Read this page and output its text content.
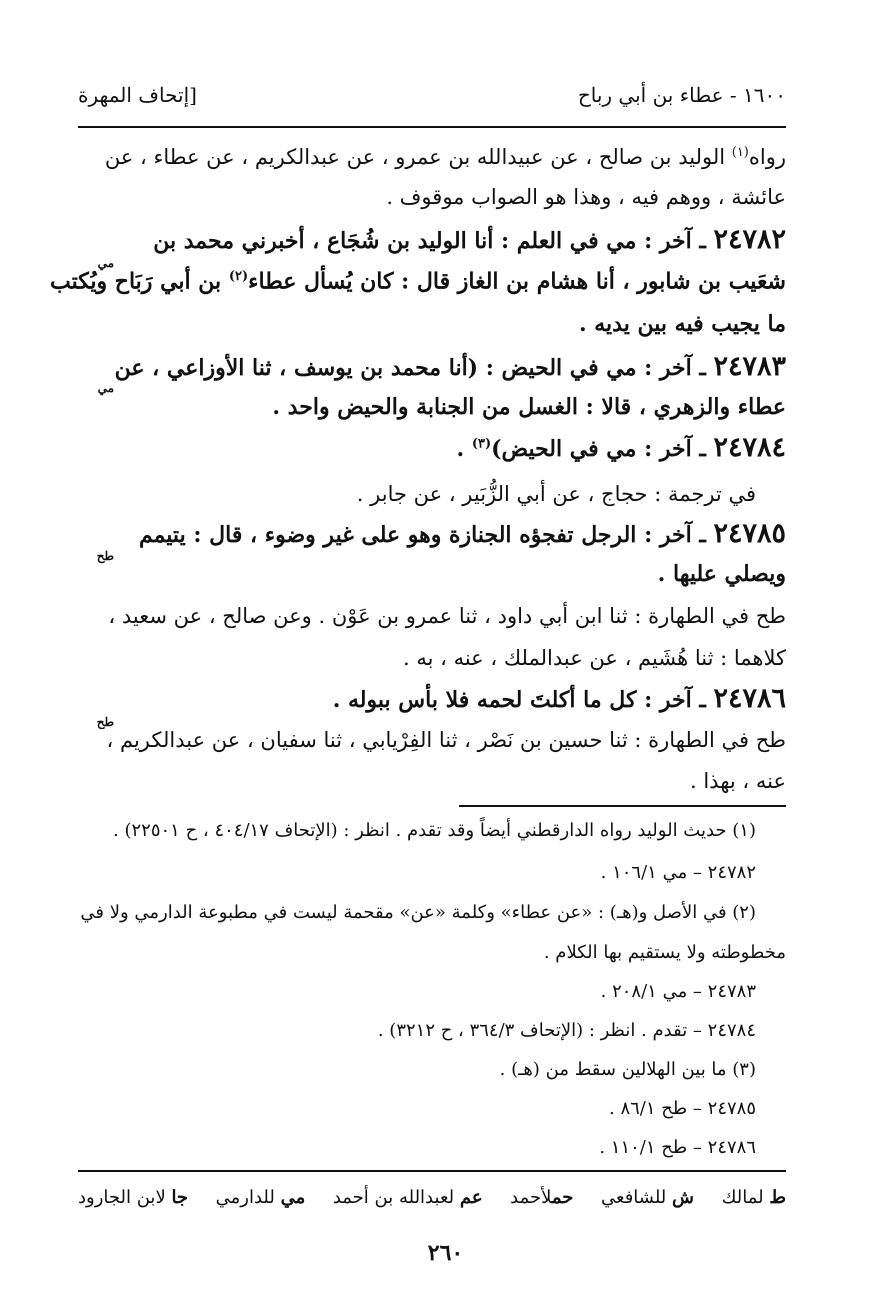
١٦٠٠ - عطاء بن أبي رباح
[إتحاف المهرة
رواه$^{(١)}$ الوليد بن صالح ، عن عبيدالله بن عمرو ، عن عبدالكريم ، عن عطاء ، عن
عائشة ، ووهم فيه ، وهذا هو الصواب موقوف .
٢٤٧٨٢ ـ آخر : مي في العلم : أنا الوليد بن شُجَاع ، أخبرني محمد بن
مي
شعَيب بن شابور ، أنا هشام بن الغاز قال : كان يُسأل عطاء$^{(٢)}$ بن أبي رَبَاح ويُكتب
ما يجيب فيه بين يديه .
٢٤٧٨٣ ـ آخر : مي في الحيض : (أنا محمد بن يوسف ، ثنا الأوزاعي ، عن
مي
عطاء والزهري ، قالا : الغسل من الجنابة والحيض واحد .
٢٤٧٨٤ ـ آخر : مي في الحيض)$^{(٣)}$ .
في ترجمة : حجاج ، عن أبي الزُّبَير ، عن جابر .
٢٤٧٨٥ ـ آخر : الرجل تفجؤه الجنازة وهو على غير وضوء ، قال : يتيمم
طح
ويصلي عليها .
طح في الطهارة : ثنا ابن أبي داود ، ثنا عمرو بن عَوْن . وعن صالح ، عن سعيد ،
كلاهما : ثنا هُشَيم ، عن عبدالملك ، عنه ، به .
٢٤٧٨٦ ـ آخر : كل ما أكلتَ لحمه فلا بأس ببوله .
طح
طح في الطهارة : ثنا حسين بن نَصْر ، ثنا الفِرْيابي ، ثنا سفيان ، عن عبدالكريم ،
عنه ، بهذا .
(١) حديث الوليد رواه الدارقطني أيضاً وقد تقدم . انظر : (الإتحاف ٤٠٤/١٧ ، ح ٢٢٥٠١) .
٢٤٧٨٢ – مي ١٠٦/١ .
(٢) في الأصل و(هـ) : «عن عطاء» وكلمة «عن» مقحمة ليست في مطبوعة الدارمي ولا في
مخطوطته ولا يستقيم بها الكلام .
٢٤٧٨٣ – مي ٢٠٨/١ .
٢٤٧٨٤ – تقدم . انظر : (الإتحاف ٣٦٤/٣ ، ح ٣٢١٢) .
(٣) ما بين الهلالين سقط من (هـ) .
٢٤٧٨٥ – طح ٨٦/١ .
٢٤٧٨٦ – طح ١١٠/١ .
ط لمالك
ش للشافعي
حملأحمد
عم لعبدالله بن أحمد
مي للدارمي
جا لابن الجارود
٢٦٠
